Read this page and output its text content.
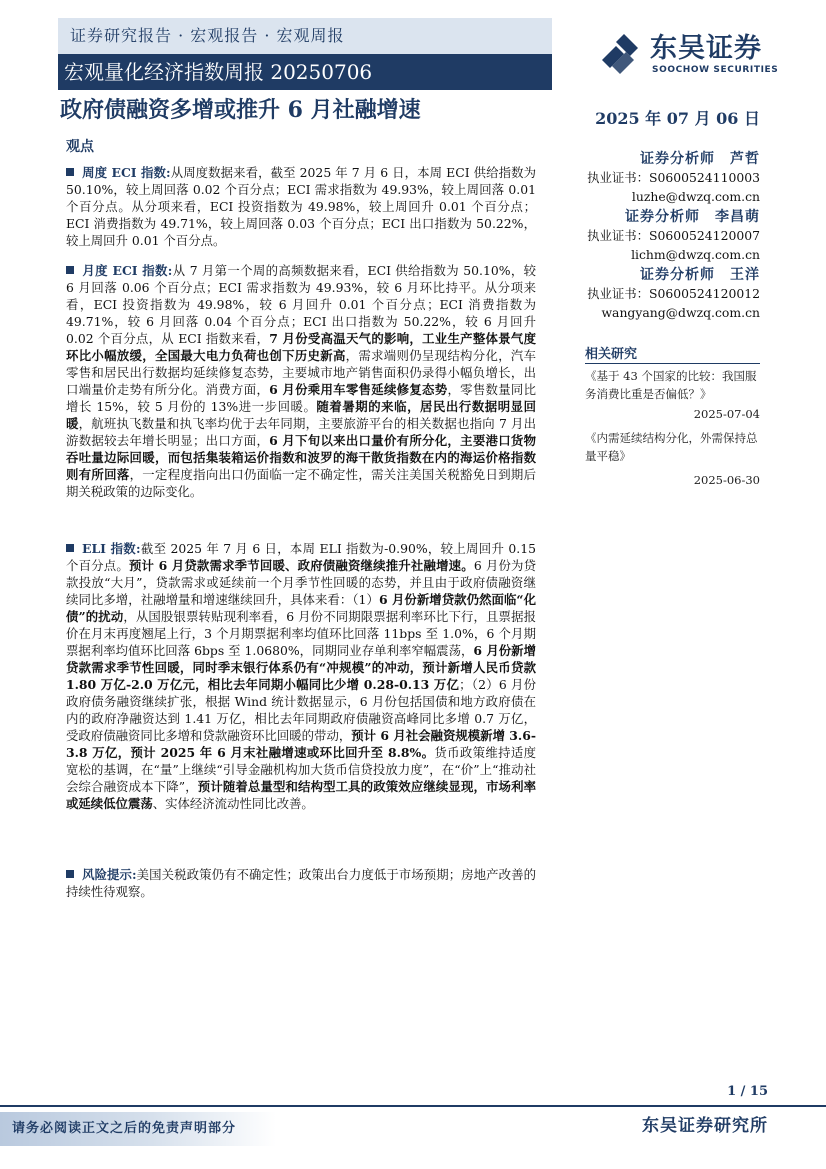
证券研究报告 · 宏观报告 · 宏观周报
宏观量化经济指数周报 20250706
政府债融资多增或推升 6 月社融增速	2025 年 07 月 06 日
东吴证券
SOOCHOW SECURITIES
观点
周度 ECI 指数:从周度数据来看，截至 2025 年 7 月 6 日，本周 ECI 供给指数为 50.10%，较上周回落 0.02 个百分点；ECI 需求指数为 49.93%，较上周回落 0.01 个百分点。从分项来看，ECI 投资指数为 49.98%，较上周回升 0.01 个百分点；ECI 消费指数为 49.71%，较上周回落 0.03 个百分点；ECI 出口指数为 50.22%，较上周回升 0.01 个百分点。
月度 ECI 指数:从 7 月第一个周的高频数据来看，ECI 供给指数为 50.10%，较 6 月回落 0.06 个百分点；ECI 需求指数为 49.93%，较 6 月环比持平。从分项来看，ECI 投资指数为 49.98%，较 6 月回升 0.01 个百分点；ECI 消费指数为 49.71%，较 6 月回落 0.04 个百分点；ECI 出口指数为 50.22%，较 6 月回升 0.02 个百分点，从 ECI 指数来看，7 月份受高温天气的影响，工业生产整体景气度环比小幅放缓，全国最大电力负荷也创下历史新高，需求端则仍呈现结构分化，汽车零售和居民出行数据均延续修复态势，主要城市地产销售面积仍录得小幅负增长，出口端量价走势有所分化。消费方面，6 月份乘用车零售延续修复态势，零售数量同比增长 15%，较 5 月份的 13%进一步回暖。随着暑期的来临，居民出行数据明显回暖，航班执飞数量和执飞率均优于去年同期，主要旅游平台的相关数据也指向 7 月出游数据较去年增长明显；出口方面，6 月下旬以来出口量价有所分化，主要港口货物吞吐量边际回暖，而包括集装箱运价指数和波罗的海干散货指数在内的海运价格指数则有所回落，一定程度指向出口仍面临一定不确定性，需关注美国关税豁免日到期后期关税政策的边际变化。
ELI 指数:截至 2025 年 7 月 6 日，本周 ELI 指数为-0.90%，较上周回升 0.15 个百分点。预计 6 月贷款需求季节回暖、政府债融资继续推升社融增速。6 月份为贷款投放“大月”，贷款需求或延续前一个月季节性回暖的态势，并且由于政府债融资继续同比多增，社融增量和增速继续回升，具体来看：（1）6 月份新增贷款仍然面临“化债”的扰动，从国股银票转贴现利率看，6 月份不同期限票据利率环比下行，且票据报价在月末再度翘尾上行，3 个月期票据利率均值环比回落 11bps 至 1.0%，6 个月期票据利率均值环比回落 6bps 至 1.0680%，同期同业存单利率窄幅震荡，6 月份新增贷款需求季节性回暖，同时季末银行体系仍有“冲规模”的冲动，预计新增人民币贷款 1.80 万亿-2.0 万亿元，相比去年同期小幅同比少增 0.28-0.13 万亿；（2）6 月份政府债务融资继续扩张，根据 Wind 统计数据显示，6 月份包括国债和地方政府债在内的政府净融资达到 1.41 万亿，相比去年同期政府债融资高峰同比多增 0.7 万亿，受政府债融资同比多增和贷款融资环比回暖的带动，预计 6 月社会融资规模新增 3.6-3.8 万亿，预计 2025 年 6 月末社融增速或环比回升至 8.8%。货币政策维持适度宽松的基调，在“量”上继续“引导金融机构加大货币信贷投放力度”，在“价”上“推动社会综合融资成本下降”，预计随着总量型和结构型工具的政策效应继续显现，市场利率或延续低位震荡、实体经济流动性同比改善。
风险提示:美国关税政策仍有不确定性；政策出台力度低于市场预期；房地产改善的持续性待观察。
证券分析师　芦哲
执业证书：S0600524110003
luzhe@dwzq.com.cn
证券分析师　李昌萌
执业证书：S0600524120007
lichm@dwzq.com.cn
证券分析师　王洋
执业证书：S0600524120012
wangyang@dwzq.com.cn
相关研究
《基于 43 个国家的比较：我国服务消费比重是否偏低？》
2025-07-04
《内需延续结构分化，外需保持总量平稳》
2025-06-30
1 / 15
请务必阅读正文之后的免责声明部分	东吴证券研究所
